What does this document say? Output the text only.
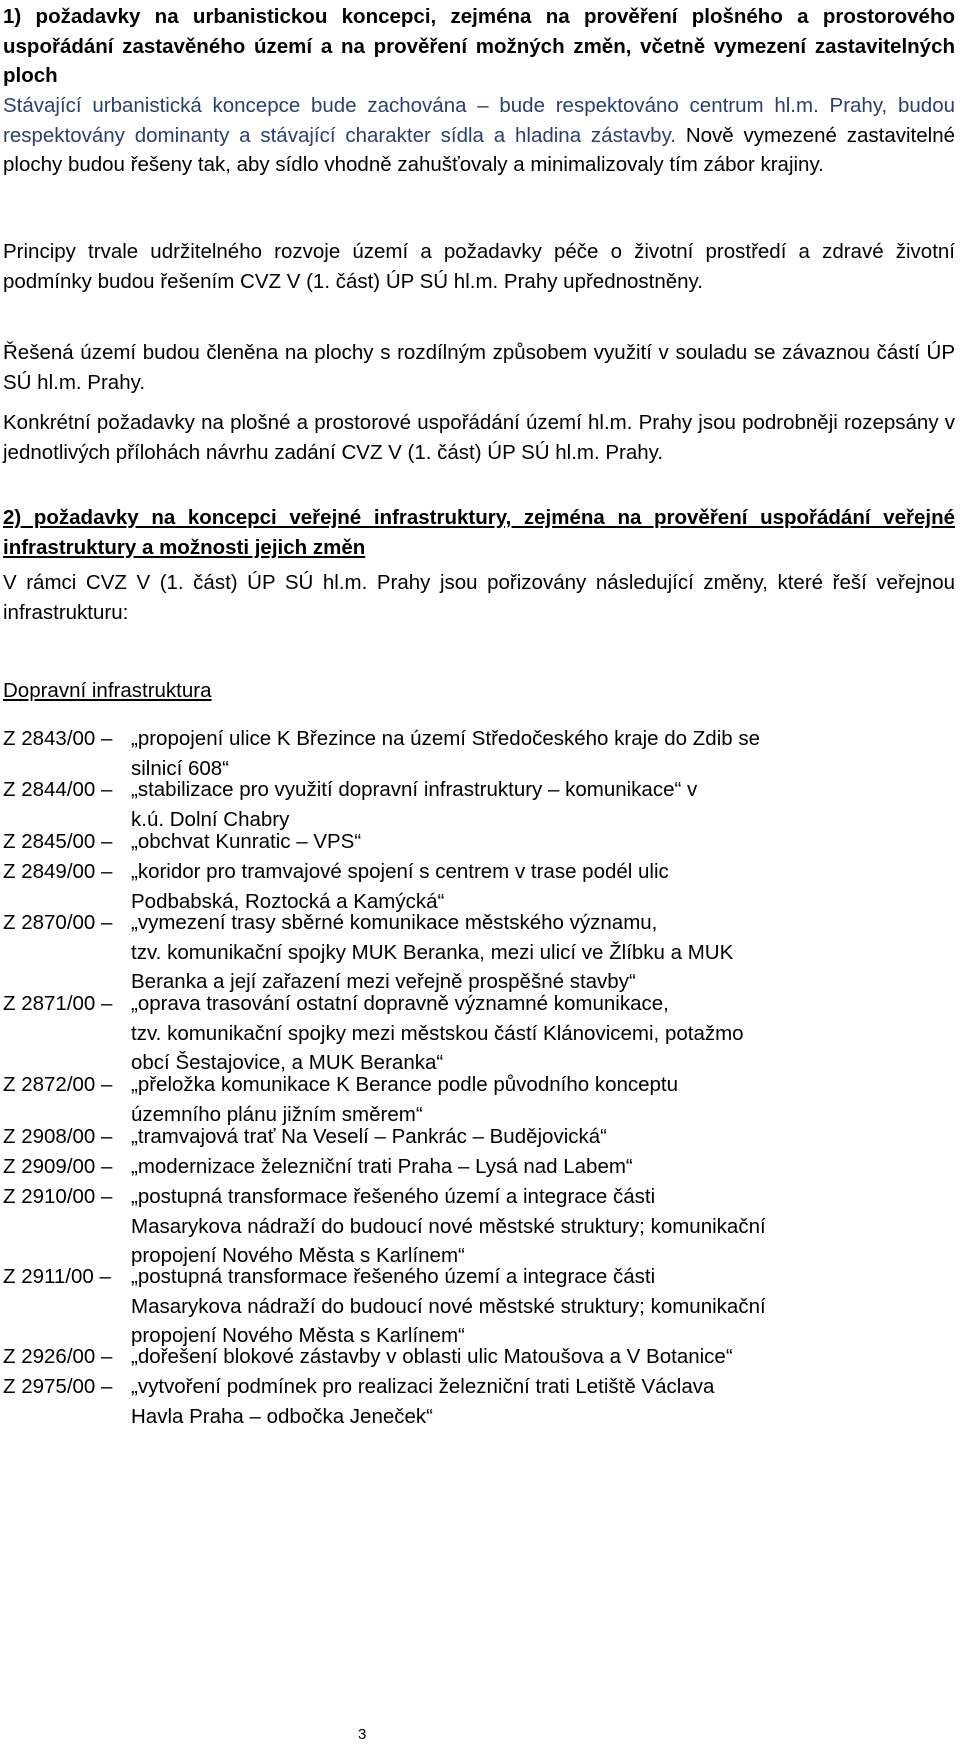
1) požadavky na urbanistickou koncepci, zejména na prověření plošného a prostorového uspořádání zastavěného území a na prověření možných změn, včetně vymezení zastavitelných ploch
Stávající urbanistická koncepce bude zachována – bude respektováno centrum hl.m. Prahy, budou respektovány dominanty a stávající charakter sídla a hladina zástavby. Nově vymezené zastavitelné plochy budou řešeny tak, aby sídlo vhodně zahušťovaly a minimalizovaly tím zábor krajiny.
Principy trvale udržitelného rozvoje území a požadavky péče o životní prostředí a zdravé životní podmínky budou řešením CVZ V (1. část) ÚP SÚ hl.m. Prahy upřednostněny.
Řešená území budou členěna na plochy s rozdílným způsobem využití v souladu se závaznou částí ÚP SÚ hl.m. Prahy.
Konkrétní požadavky na plošné a prostorové uspořádání území hl.m. Prahy jsou podrobněji rozepsány v jednotlivých přílohách návrhu zadání CVZ V (1. část) ÚP SÚ hl.m. Prahy.
2) požadavky na koncepci veřejné infrastruktury, zejména na prověření uspořádání veřejné infrastruktury a možnosti jejich změn
V rámci CVZ V (1. část) ÚP SÚ hl.m. Prahy jsou pořizovány následující změny, které řeší veřejnou infrastrukturu:
Dopravní infrastruktura
Z 2843/00 – „propojení ulice K Březince na území Středočeského kraje do Zdib se
silnicí 608“
Z 2844/00 – „stabilizace pro využití dopravní infrastruktury – komunikace“ v
k.ú. Dolní Chabry
Z 2845/00 – „obchvat Kunratic – VPS“
Z 2849/00 – „koridor pro tramvajové spojení s centrem v trase podél ulic
Podbabská, Roztocká a Kamýcká“
Z 2870/00 – „vymezení trasy sběrné komunikace městského významu,
tzv. komunikační spojky MUK Beranka, mezi ulicí ve Žlíbku a MUK
Beranka a její zařazení mezi veřejně prospěšné stavby“
Z 2871/00 – „oprava trasování ostatní dopravně významné komunikace,
tzv. komunikační spojky mezi městskou částí Klánovicemi, potažmo
obcí Šestajovice, a MUK Beranka“
Z 2872/00 – „přeložka komunikace K Berance podle původního konceptu
územního plánu jižním směrem“
Z 2908/00 – „tramvajová trať Na Veselí – Pankrác – Budějovická“
Z 2909/00 – „modernizace železniční trati Praha – Lysá nad Labem“
Z 2910/00 – „postupná transformace řešeného území a integrace části
Masarykova nádraží do budoucí nové městské struktury; komunikační
propojení Nového Města s Karlínem“
Z 2911/00 – „postupná transformace řešeného území a integrace části
Masarykova nádraží do budoucí nové městské struktury; komunikační
propojení Nového Města s Karlínem“
Z 2926/00 – „dořešení blokové zástavby v oblasti ulic Matoušova a V Botanice“
Z 2975/00 – „vytvoření podmínek pro realizaci železniční trati Letiště Václava
Havla Praha – odbočka Jeneček“
3
